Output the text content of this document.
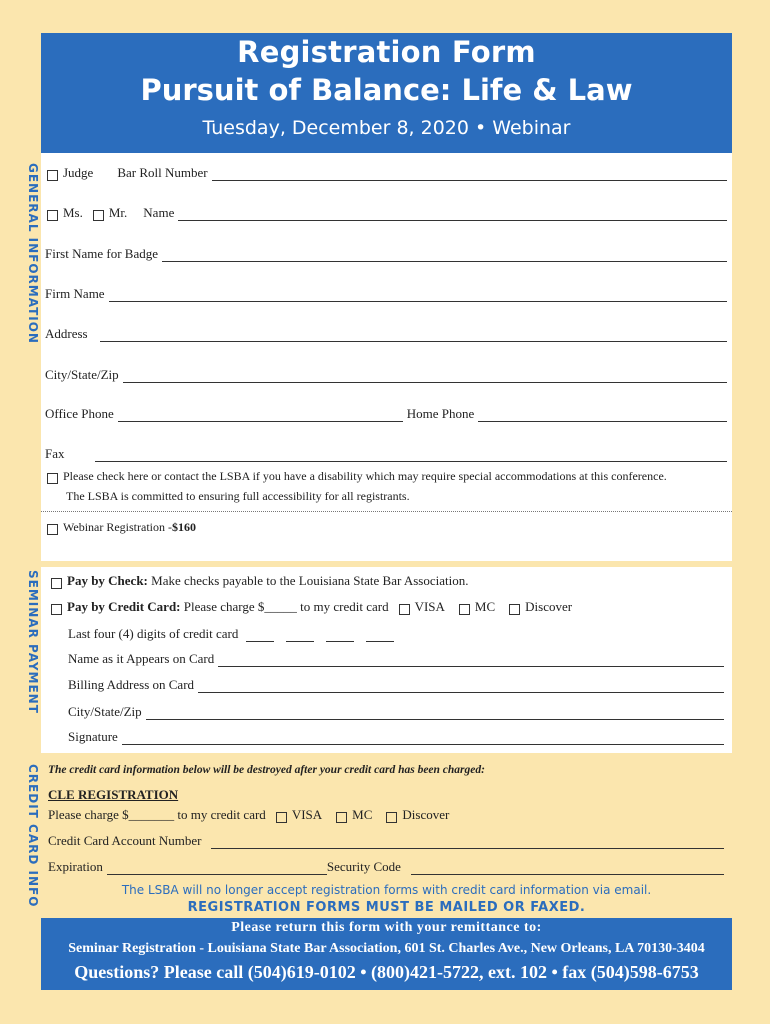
Registration Form
Pursuit of Balance: Life & Law
Tuesday, December 8, 2020 • Webinar
GENERAL INFORMATION Judge Bar Roll Number
Ms. Mr. Name
First Name for Badge
Firm Name
Address
City/State/Zip
Office Phone	Home Phone
Fax
Please check here or contact the LSBA if you have a disability which may require special accommodations at this conference.
The LSBA is committed to ensuring full accessibility for all registrants.
Webinar Registration - $160
SEMINAR PAYMENT Pay by Check: Make checks payable to the Louisiana State Bar Association.
Pay by Credit Card: Please charge $_____ to my credit card VISA MC Discover
Last four (4) digits of credit card
Name as it Appears on Card
Billing Address on Card
City/State/Zip
Signature
CREDIT CARD INFO The credit card information below will be destroyed after your credit card has been charged:
CLE REGISTRATION
Please charge $_______ to my credit card VISA MC Discover
Credit Card Account Number
Expiration	Security Code
The LSBA will no longer accept registration forms with credit card information via email.
REGISTRATION FORMS MUST BE MAILED OR FAXED.
Please return this form with your remittance to:
Seminar Registration - Louisiana State Bar Association, 601 St. Charles Ave., New Orleans, LA 70130-3404
Questions? Please call (504)619-0102 • (800)421-5722, ext. 102 • fax (504)598-6753
